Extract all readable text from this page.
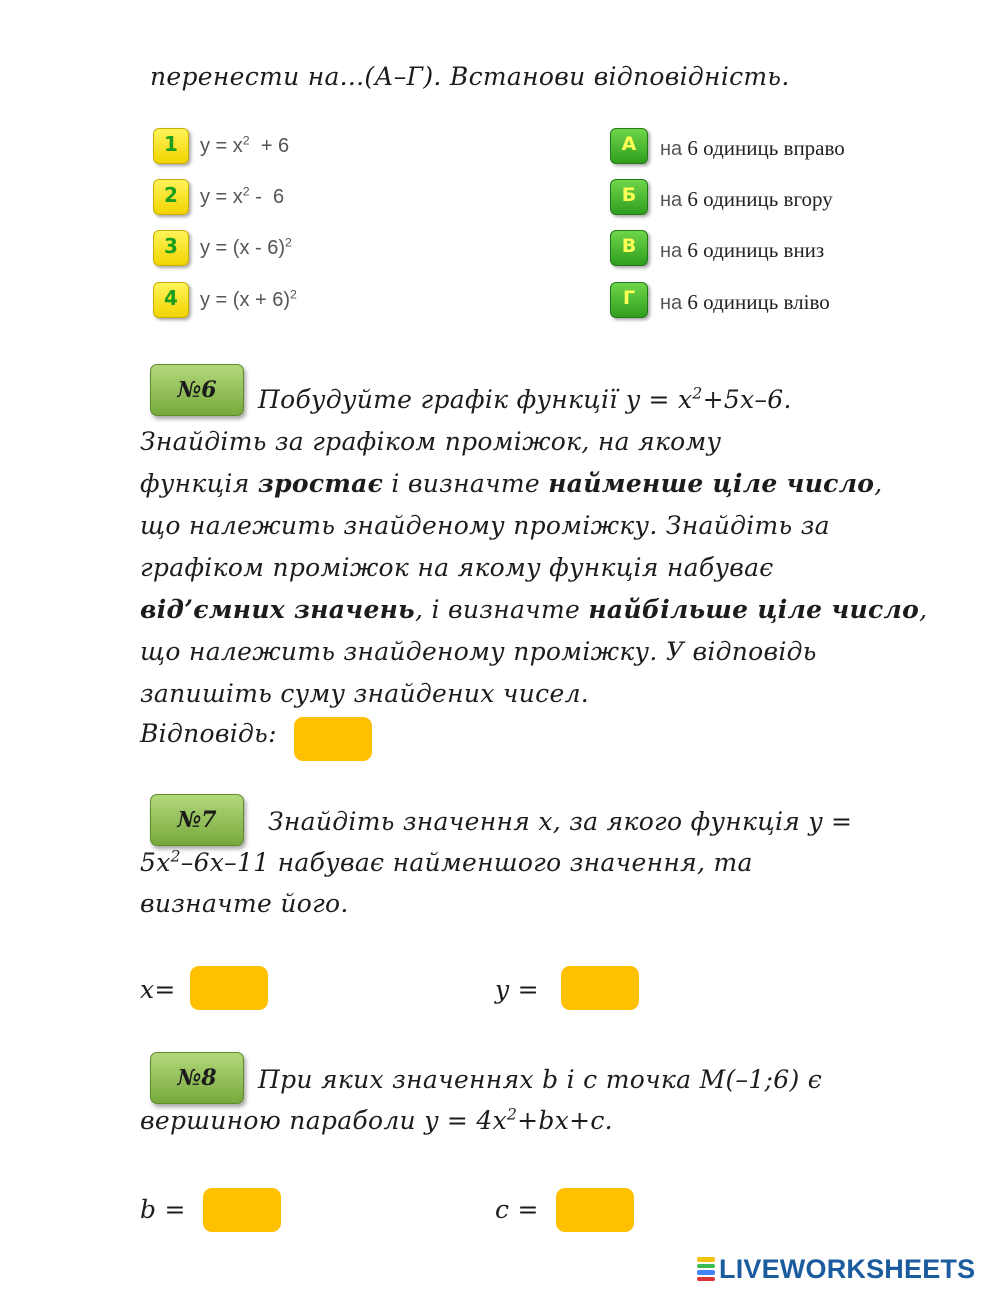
перенести на...(А–Г). Встанови відповідність.
1	$y = x^2 + 6$
2	$y = x^2 - 6$
3	y = (x - 6)$^2$
4	$y = (x + 6)^2$
А	на 6 одиниць вправо
Б	на 6 одиниць вгору
В	на 6 одиниць вниз
Г	на 6 одиниць вліво
№6	Побудуйте графік функції $y = x^2+5x-6$.
Знайдіть за графіком проміжок, на якому
функція зростає і визначте найменше ціле число,
що належить знайденому проміжку. Знайдіть за
графіком проміжок на якому функція набуває
від’ємних значень, і визначте найбільше ціле число,
що належить знайденому проміжку. У відповідь
запишіть суму знайдених чисел.
Відповідь:
№7	Знайдіть значення x, за якого функція y =
$5x^2-6x-11$ набуває найменшого значення, та
визначте його.
x=	y =
№8	При яких значеннях b і c точка M(–1;6) є
вершиною параболи $y = 4x^2+bx+c$.
b =	c =
LIVEWORKSHEETS
